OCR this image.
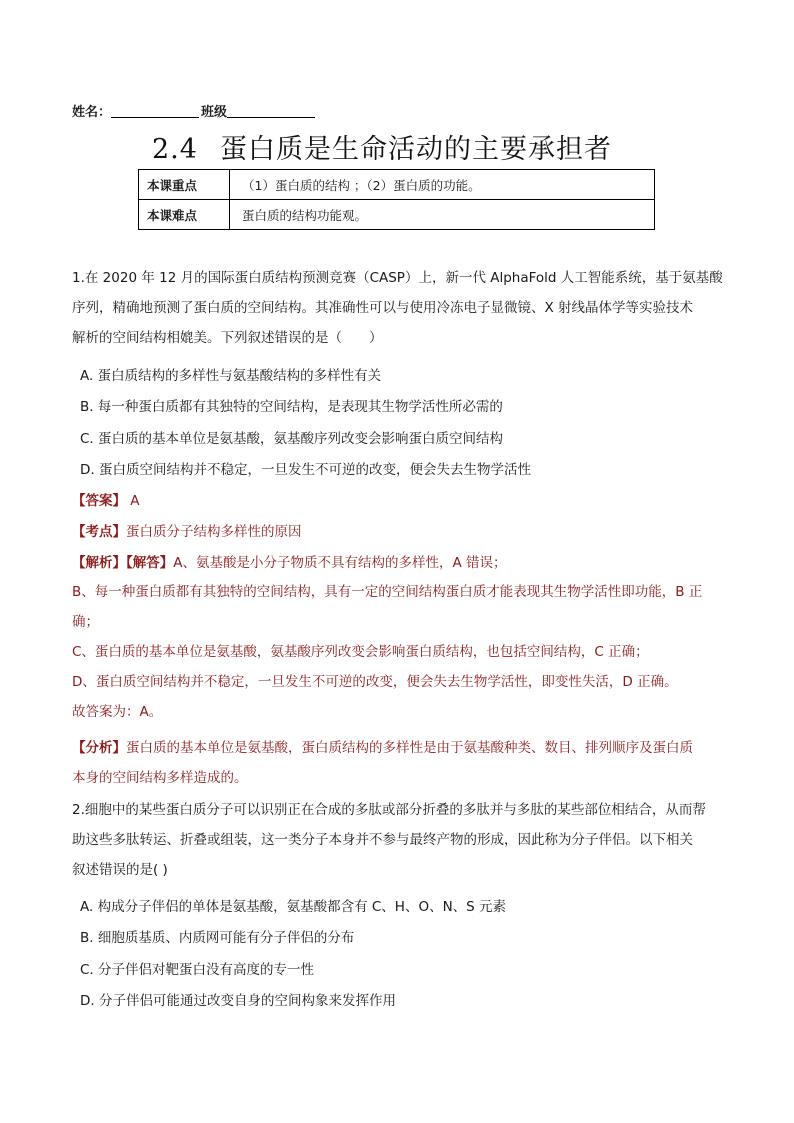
姓名：	班级
2.4 蛋白质是生命活动的主要承担者
本课重点	（1）蛋白质的结构 ；（2）蛋白质的功能。
本课难点	蛋白质的结构功能观。
1.在 2020 年 12 月的国际蛋白质结构预测竞赛（CASP）上，新一代 AlphaFold 人工智能系统，基于氨基酸
序列，精确地预测了蛋白质的空间结构。其准确性可以与使用冷冻电子显微镜、X 射线晶体学等实验技术
解析的空间结构相媲美。下列叙述错误的是（　　）
A. 蛋白质结构的多样性与氨基酸结构的多样性有关
B. 每一种蛋白质都有其独特的空间结构，是表现其生物学活性所必需的
C. 蛋白质的基本单位是氨基酸，氨基酸序列改变会影响蛋白质空间结构
D. 蛋白质空间结构并不稳定，一旦发生不可逆的改变，便会失去生物学活性
【答案】 A
【考点】蛋白质分子结构多样性的原因
【解析】【解答】A、氨基酸是小分子物质不具有结构的多样性，A 错误；
B、每一种蛋白质都有其独特的空间结构，具有一定的空间结构蛋白质才能表现其生物学活性即功能，B 正
确；
C、蛋白质的基本单位是氨基酸，氨基酸序列改变会影响蛋白质结构，也包括空间结构，C 正确；
D、蛋白质空间结构并不稳定，一旦发生不可逆的改变，便会失去生物学活性，即变性失活，D 正确。
故答案为：A。
【分析】蛋白质的基本单位是氨基酸，蛋白质结构的多样性是由于氨基酸种类、数目、排列顺序及蛋白质
本身的空间结构多样造成的。
2.细胞中的某些蛋白质分子可以识别正在合成的多肽或部分折叠的多肽并与多肽的某些部位相结合，从而帮
助这些多肽转运、折叠或组装，这一类分子本身并不参与最终产物的形成，因此称为分子伴侣。以下相关
叙述错误的是( )
A. 构成分子伴侣的单体是氨基酸，氨基酸都含有 C、H、O、N、S 元素
B. 细胞质基质、内质网可能有分子伴侣的分布
C. 分子伴侣对靶蛋白没有高度的专一性
D. 分子伴侣可能通过改变自身的空间构象来发挥作用
